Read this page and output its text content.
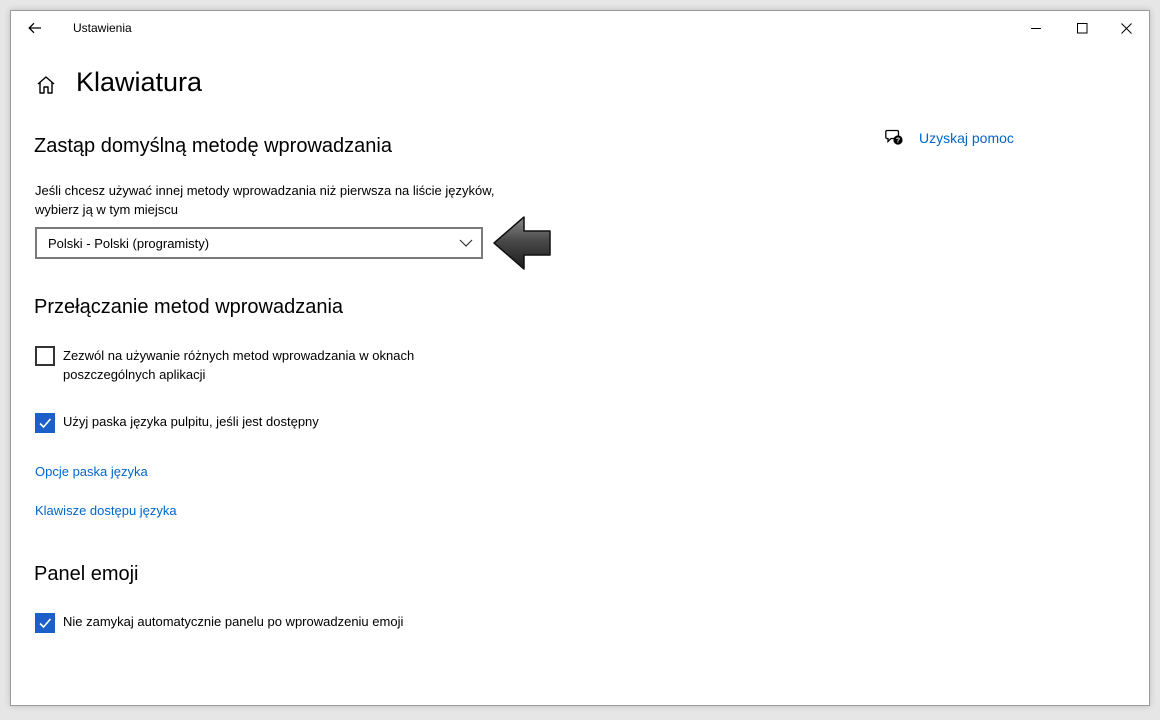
Ustawienia
Klawiatura
? Uzyskaj pomoc
Zastąp domyślną metodę wprowadzania
Jeśli chcesz używać innej metody wprowadzania niż pierwsza na liście języków, wybierz ją w tym miejscu
Polski - Polski (programisty)
Przełączanie metod wprowadzania
Zezwól na używanie różnych metod wprowadzania w oknach poszczególnych aplikacji
Użyj paska języka pulpitu, jeśli jest dostępny
Opcje paska języka
Klawisze dostępu języka
Panel emoji
Nie zamykaj automatycznie panelu po wprowadzeniu emoji
